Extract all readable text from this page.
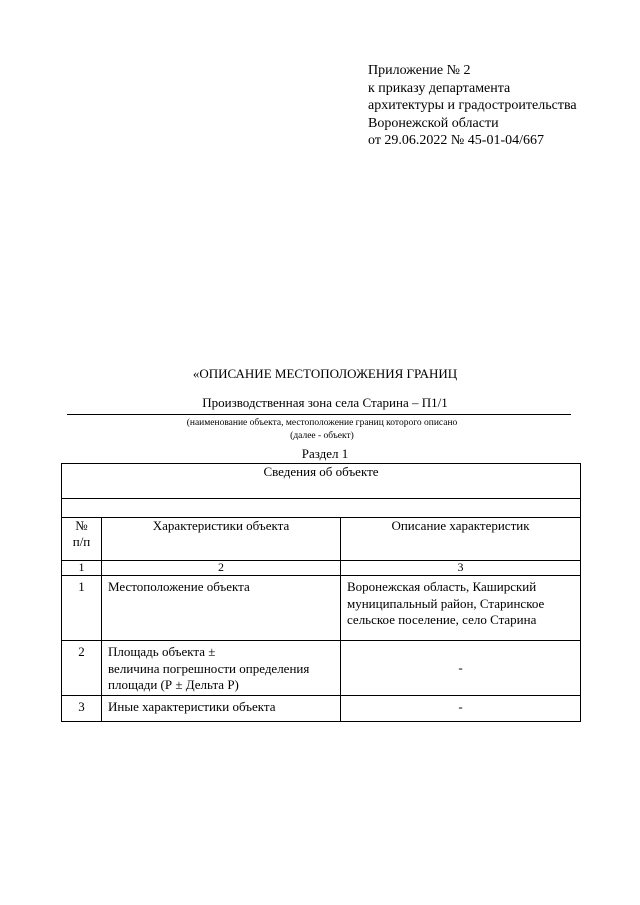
Приложение № 2
к приказу департамента
архитектуры и градостроительства
Воронежской области
от 29.06.2022 № 45-01-04/667
«ОПИСАНИЕ МЕСТОПОЛОЖЕНИЯ ГРАНИЦ
Производственная зона села Старина – П1/1
(наименование объекта, местоположение границ которого описано
(далее - объект)
Раздел 1
Сведения об объекте		

№
п/п	Характеристики объекта	Описание характеристик
1	2	3
1	Местоположение объекта	Воронежская область, Каширский
муниципальный район, Старинское
сельское поселение, село Старина

2	Площадь объекта ±
величина погрешности определения
площади (Р ± Дельта Р)	-
3	Иные характеристики объекта	-
